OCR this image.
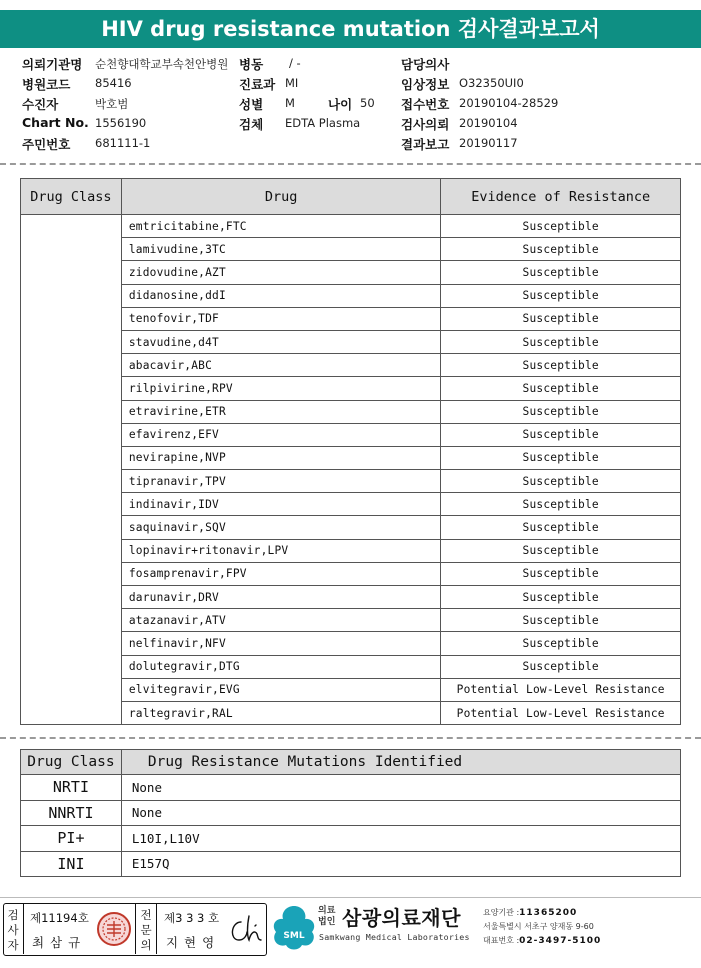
HIV drug resistance mutation 검사결과보고서
의뢰기관명 순천향대학교부속천안병원 병동 / -	담당의사
병원코드 85416	진료과 MI	임상정보 O32350UI0
수진자	박호범	성별 M	나이 50 접수번호 20190104-28529
Chart No. 1556190	검체 EDTA Plasma	검사의뢰 20190104
주민번호 681111-1	결과보고 20190117
Drug Class	Drug	Evidence of Resistance
	emtricitabine,FTC	Susceptible
	lamivudine,3TC	Susceptible
	zidovudine,AZT	Susceptible
	didanosine,ddI	Susceptible
	tenofovir,TDF	Susceptible
	stavudine,d4T	Susceptible
	abacavir,ABC	Susceptible
	rilpivirine,RPV	Susceptible
	etravirine,ETR	Susceptible
	efavirenz,EFV	Susceptible
	nevirapine,NVP	Susceptible
	tipranavir,TPV	Susceptible
	indinavir,IDV	Susceptible
	saquinavir,SQV	Susceptible
	lopinavir+ritonavir,LPV	Susceptible
	fosamprenavir,FPV	Susceptible
	darunavir,DRV	Susceptible
	atazanavir,ATV	Susceptible
	nelfinavir,NFV	Susceptible
	dolutegravir,DTG	Susceptible
	elvitegravir,EVG	Potential Low-Level Resistance
	raltegravir,RAL	Potential Low-Level Resistance
Drug Class	Drug Resistance Mutations Identified
NRTI	None
NNRTI	None
PI+	L10I,L10V
INI	E157Q
검
사
자
제11194호
최 삼 규
전
문
의
제3 3 3 호
지 현 영	SML
의료
법인 삼광의료재단
Samkwang Medical Laboratories
요양기관 :11365200
서울특별시 서초구 양재동 9-60
대표번호 :02-3497-5100
